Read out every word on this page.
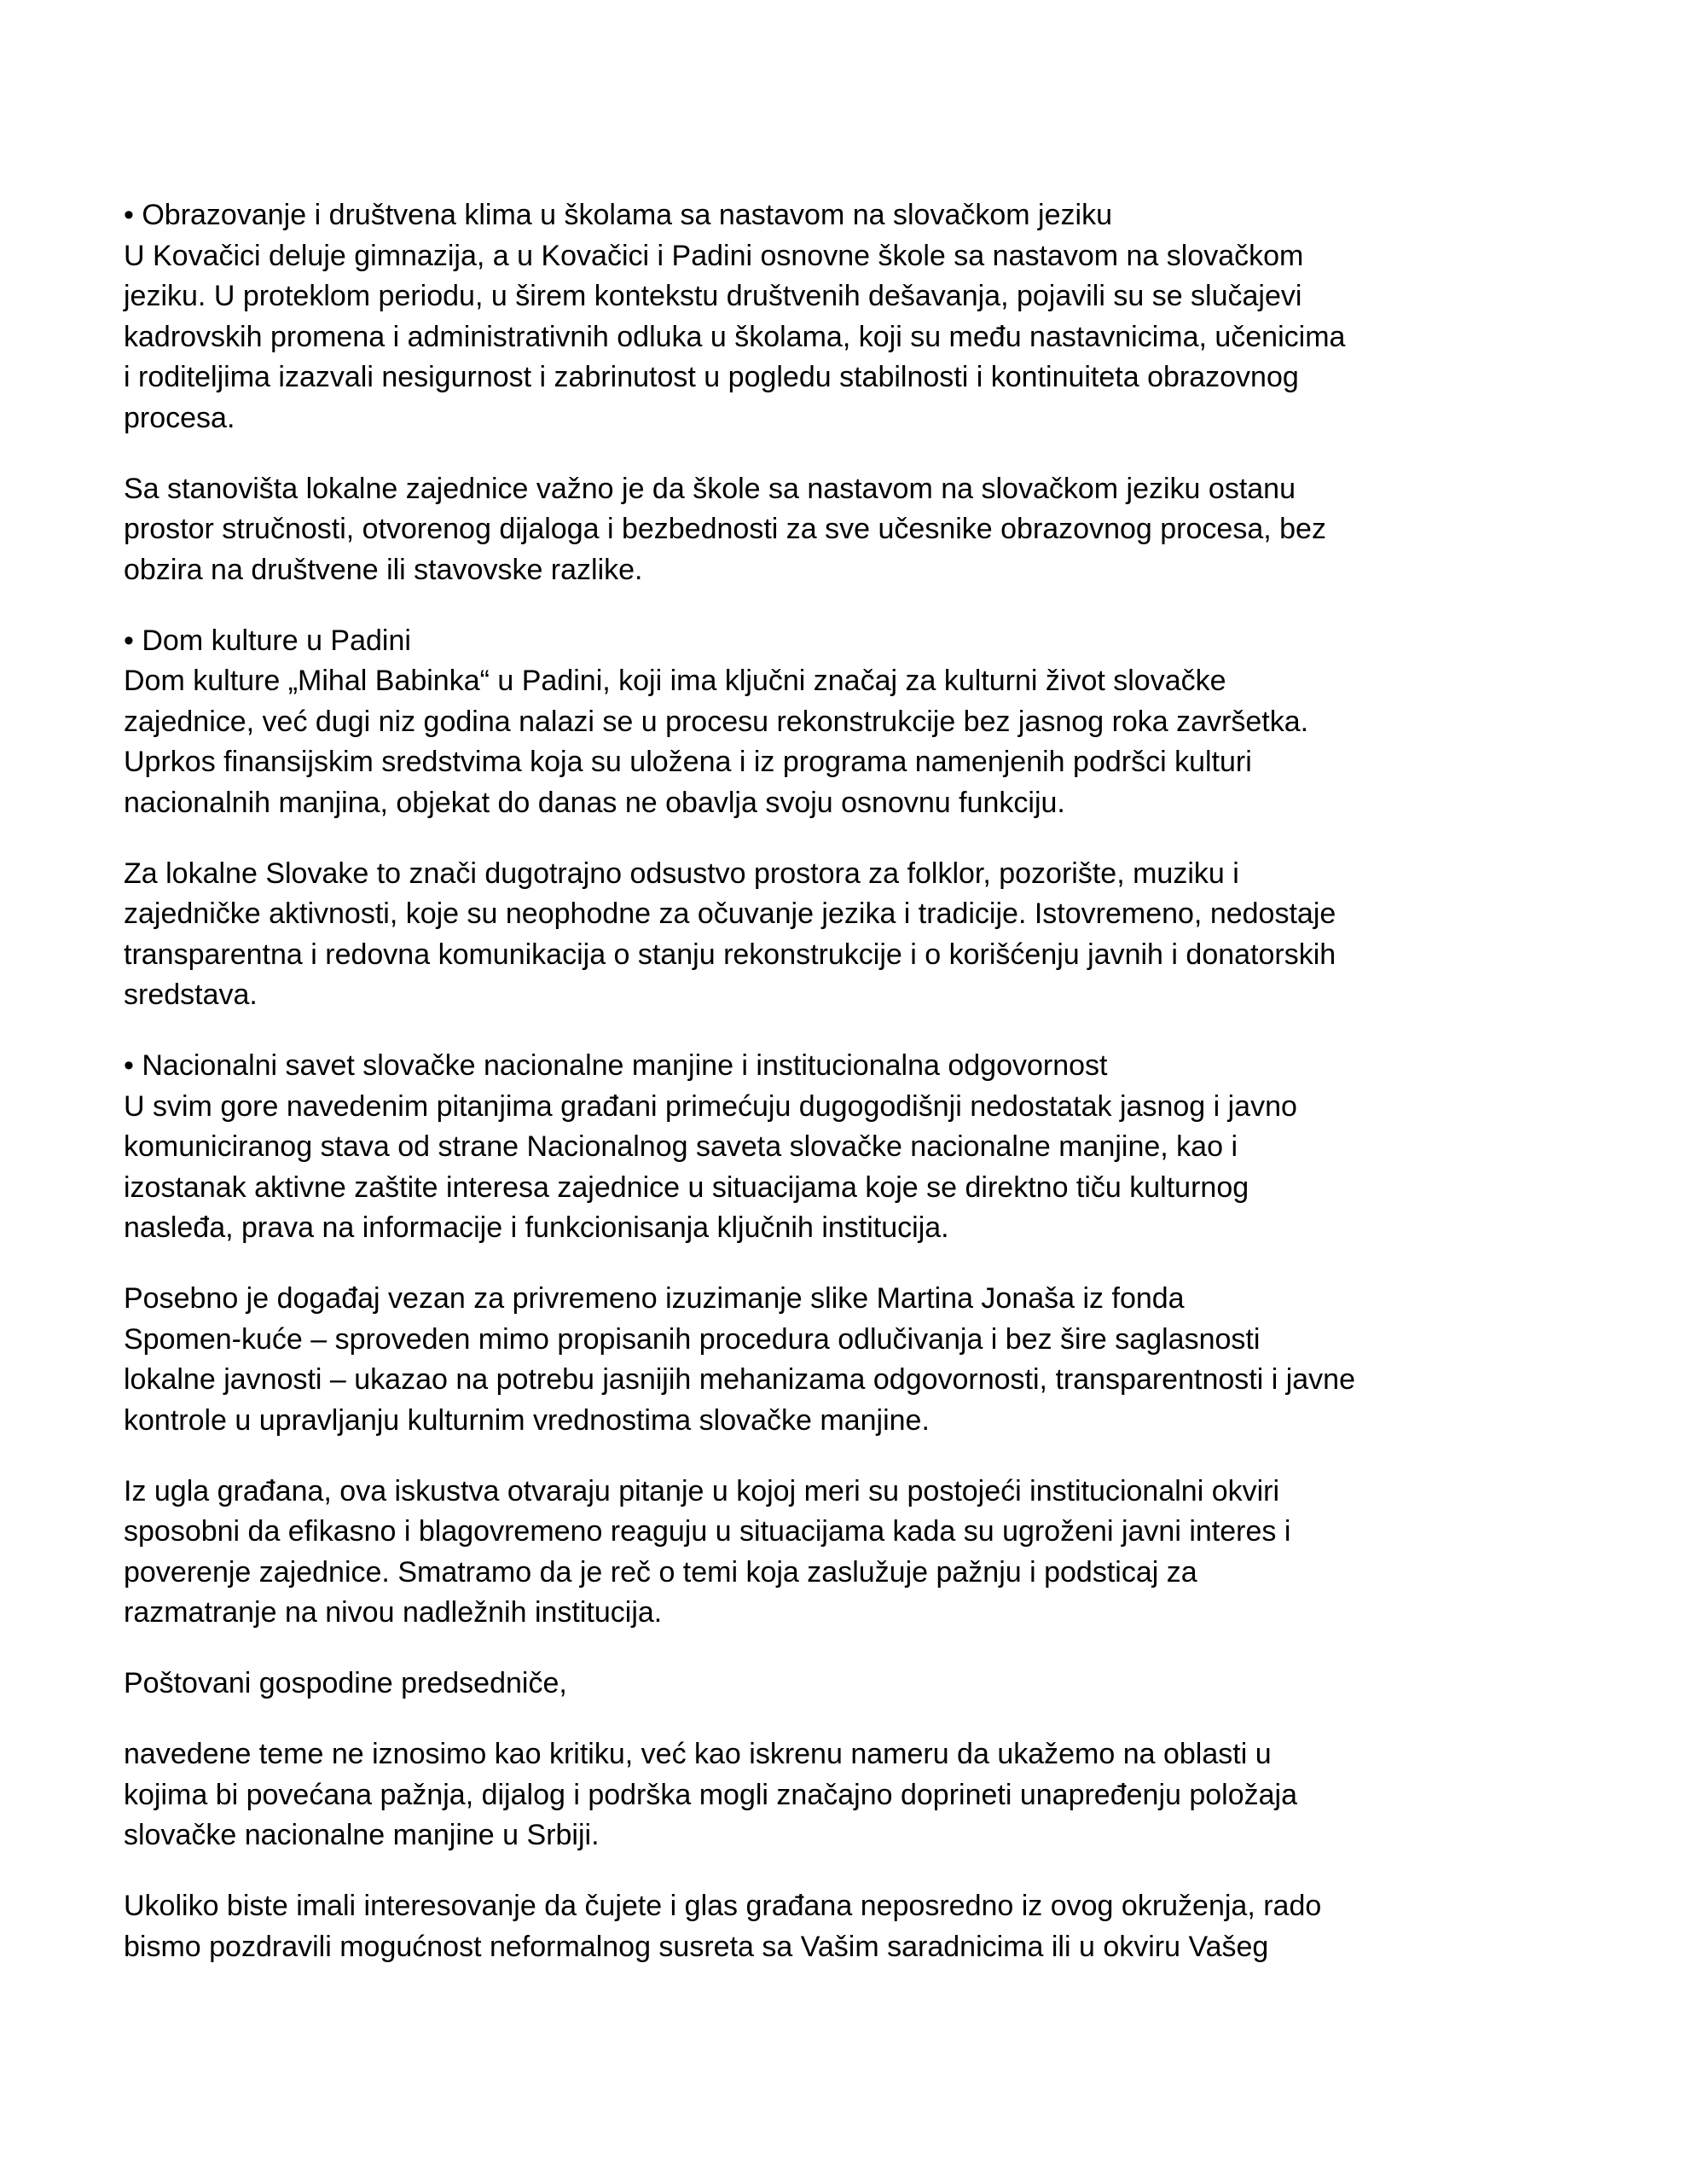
• Obrazovanje i društvena klima u školama sa nastavom na slovačkom jeziku
U Kovačici deluje gimnazija, a u Kovačici i Padini osnovne škole sa nastavom na slovačkom
jeziku. U proteklom periodu, u širem kontekstu društvenih dešavanja, pojavili su se slučajevi
kadrovskih promena i administrativnih odluka u školama, koji su među nastavnicima, učenicima
i roditeljima izazvali nesigurnost i zabrinutost u pogledu stabilnosti i kontinuiteta obrazovnog
procesa.

Sa stanovišta lokalne zajednice važno je da škole sa nastavom na slovačkom jeziku ostanu
prostor stručnosti, otvorenog dijaloga i bezbednosti za sve učesnike obrazovnog procesa, bez
obzira na društvene ili stavovske razlike.

• Dom kulture u Padini
Dom kulture „Mihal Babinka“ u Padini, koji ima ključni značaj za kulturni život slovačke
zajednice, već dugi niz godina nalazi se u procesu rekonstrukcije bez jasnog roka završetka.
Uprkos finansijskim sredstvima koja su uložena i iz programa namenjenih podršci kulturi
nacionalnih manjina, objekat do danas ne obavlja svoju osnovnu funkciju.

Za lokalne Slovake to znači dugotrajno odsustvo prostora za folklor, pozorište, muziku i
zajedničke aktivnosti, koje su neophodne za očuvanje jezika i tradicije. Istovremeno, nedostaje
transparentna i redovna komunikacija o stanju rekonstrukcije i o korišćenju javnih i donatorskih
sredstava.

• Nacionalni savet slovačke nacionalne manjine i institucionalna odgovornost
U svim gore navedenim pitanjima građani primećuju dugogodišnji nedostatak jasnog i javno
komuniciranog stava od strane Nacionalnog saveta slovačke nacionalne manjine, kao i
izostanak aktivne zaštite interesa zajednice u situacijama koje se direktno tiču kulturnog
nasleđa, prava na informacije i funkcionisanja ključnih institucija.

Posebno je događaj vezan za privremeno izuzimanje slike Martina Jonaša iz fonda
Spomen-kuće – sproveden mimo propisanih procedura odlučivanja i bez šire saglasnosti
lokalne javnosti – ukazao na potrebu jasnijih mehanizama odgovornosti, transparentnosti i javne
kontrole u upravljanju kulturnim vrednostima slovačke manjine.

Iz ugla građana, ova iskustva otvaraju pitanje u kojoj meri su postojeći institucionalni okviri
sposobni da efikasno i blagovremeno reaguju u situacijama kada su ugroženi javni interes i
poverenje zajednice. Smatramo da je reč o temi koja zaslužuje pažnju i podsticaj za
razmatranje na nivou nadležnih institucija.

Poštovani gospodine predsedniče,

navedene teme ne iznosimo kao kritiku, već kao iskrenu nameru da ukažemo na oblasti u
kojima bi povećana pažnja, dijalog i podrška mogli značajno doprineti unapređenju položaja
slovačke nacionalne manjine u Srbiji.

Ukoliko biste imali interesovanje da čujete i glas građana neposredno iz ovog okruženja, rado
bismo pozdravili mogućnost neformalnog susreta sa Vašim saradnicima ili u okviru Vašeg
